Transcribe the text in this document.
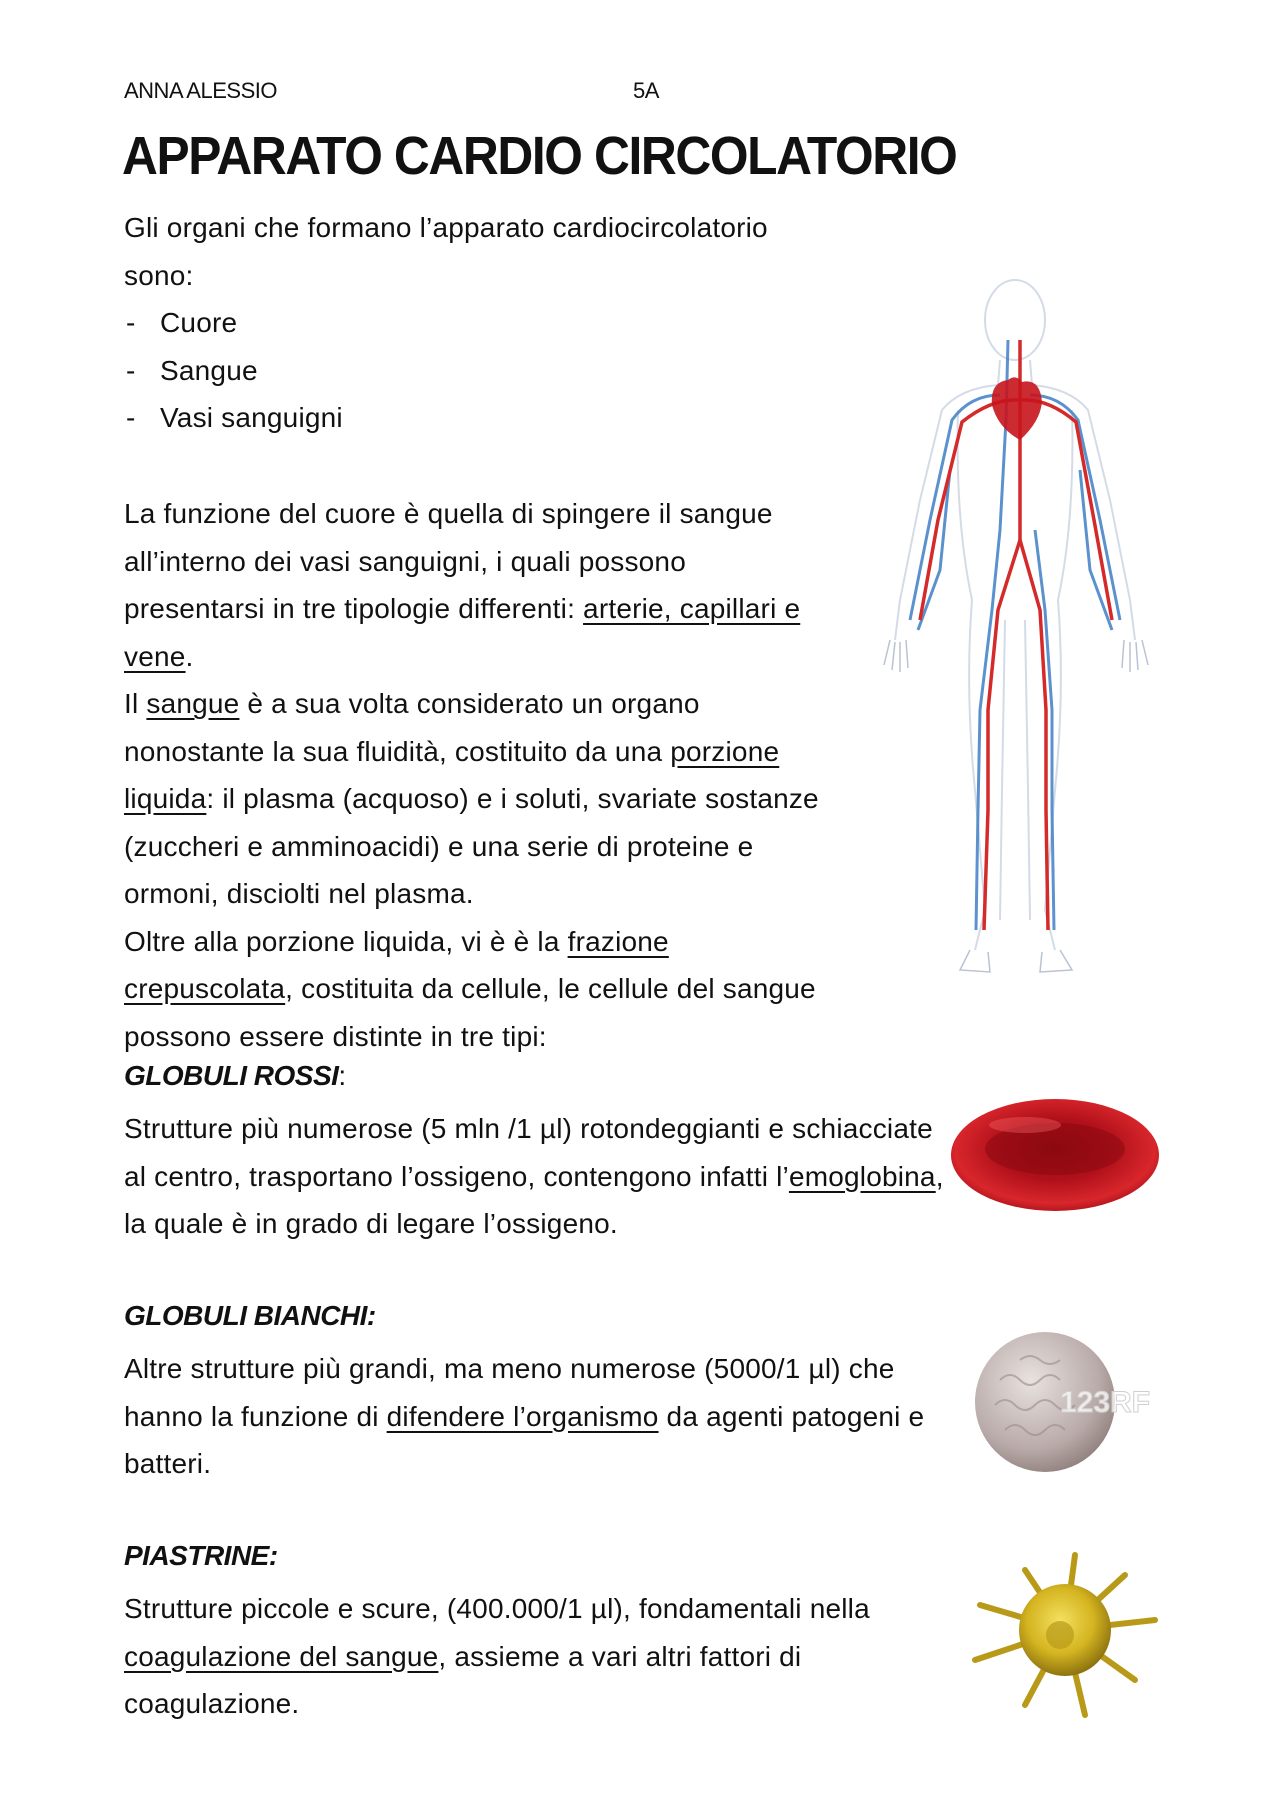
ANNA ALESSIO	5A
APPARATO CARDIO CIRCOLATORIO

Gli organi che formano l’apparato cardiocircolatorio

sono:

- Cuore
- Sangue
- Vasi sanguigni

La funzione del cuore è quella di spingere il sangue all’interno dei vasi sanguigni, i quali possono presentarsi in tre tipologie differenti: arterie, capillari e vene.

Il sangue è a sua volta considerato un organo nonostante la sua fluidità, costituito da una porzione liquida: il plasma (acquoso) e i soluti, svariate sostanze (zuccheri e amminoacidi) e una serie di proteine e ormoni, disciolti nel plasma.

Oltre alla porzione liquida, vi è è la frazione crepuscolata, costituita da cellule, le cellule del sangue possono essere distinte in tre tipi:

GLOBULI ROSSI:

Strutture più numerose (5 mln /1 µl) rotondeggianti e schiacciate al centro, trasportano l’ossigeno, contengono infatti l’emoglobina, la quale è in grado di legare l’ossigeno.

GLOBULI BIANCHI:

Altre strutture più grandi, ma meno numerose (5000/1 µl) che hanno la funzione di difendere l’organismo da agenti patogeni e batteri.

123RF
PIASTRINE:

Strutture piccole e scure, (400.000/1 µl), fondamentali nella coagulazione del sangue, assieme a vari altri fattori di coagulazione.
